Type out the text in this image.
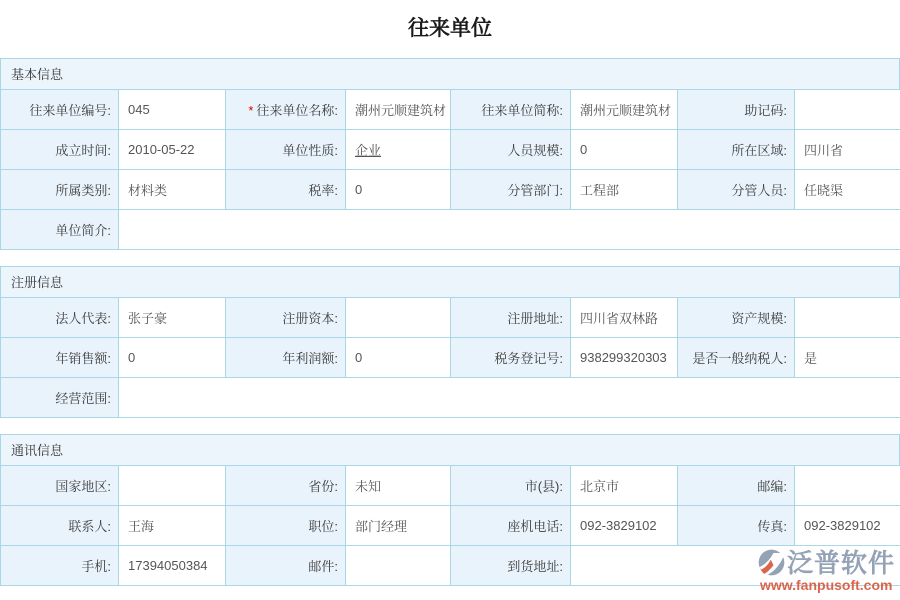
往来单位
基本信息
往来单位编号:	045	* 往来单位名称:	潮州元顺建筑材	往来单位简称:	潮州元顺建筑材	助记码:	
成立时间:	2010-05-22	单位性质:	企业	人员规模:	0	所在区域:	四川省
所属类别:	材料类	税率:	0	分管部门:	工程部	分管人员:	任晓渠
单位简介:							
注册信息
法人代表:	张子豪	注册资本:		注册地址:	四川省双林路	资产规模:	
年销售额:	0	年利润额:	0	税务登记号:	938299320303	是否一般纳税人:	是
经营范围:							
通讯信息
国家地区:		省份:	未知	市(县):	北京市	邮编:	
联系人:	王海	职位:	部门经理	座机电话:	092-3829102	传真:	092-3829102
手机:	17394050384	邮件:		到货地址:				泛普软件
www.fanpusoft.com
